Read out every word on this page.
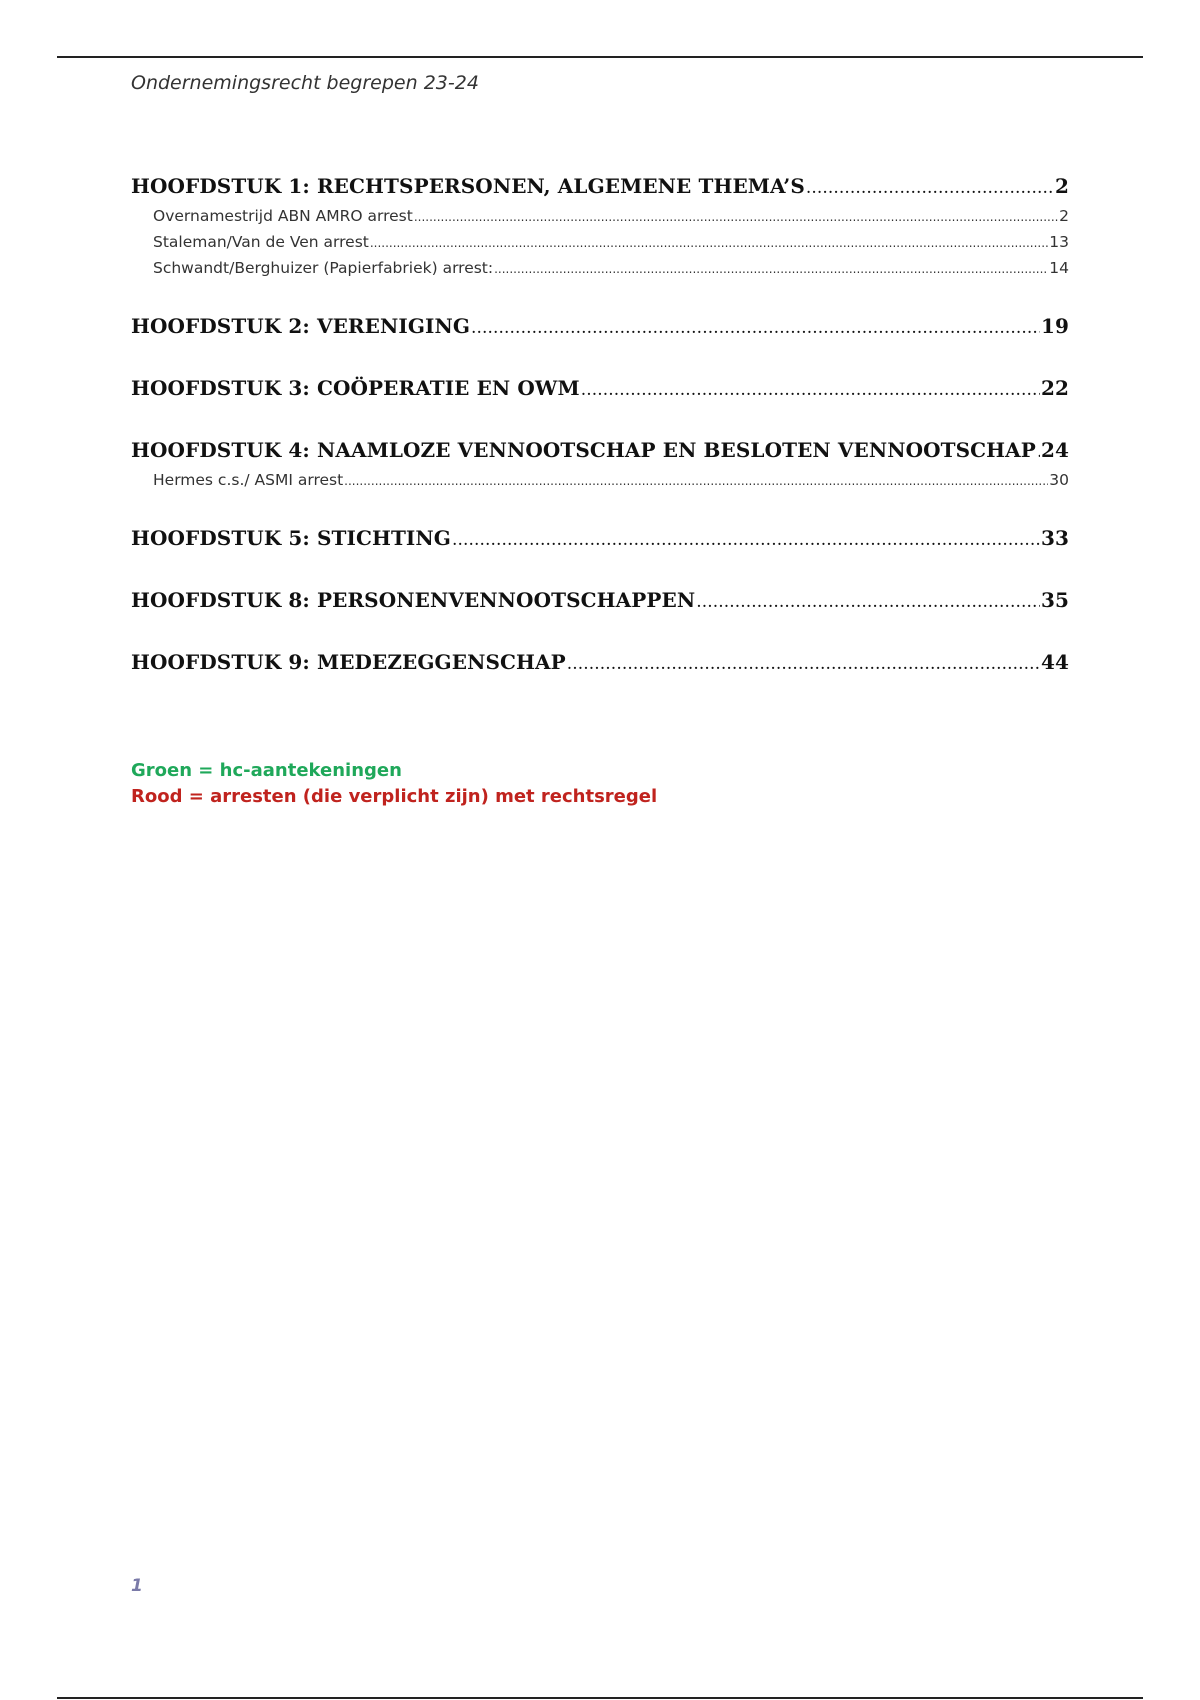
Ondernemingsrecht begrepen 23-24
HOOFDSTUK 1: RECHTSPERSONEN, ALGEMENE THEMA’S .....	2
Overnamestrijd ABN AMRO arrest .....	2
Staleman/Van de Ven arrest .....	13
Schwandt/Berghuizer (Papierfabriek) arrest: .....	14
HOOFDSTUK 2: VERENIGING .....	19
HOOFDSTUK 3: COÖPERATIE EN OWM .....	22
HOOFDSTUK 4: NAAMLOZE VENNOOTSCHAP EN BESLOTEN VENNOOTSCHAP ..... 24
Hermes c.s./ ASMI arrest .....	30
HOOFDSTUK 5: STICHTING .....	33
HOOFDSTUK 8: PERSONENVENNOOTSCHAPPEN .....	35
HOOFDSTUK 9: MEDEZEGGENSCHAP .....	44
Groen = hc-aantekeningen
Rood = arresten (die verplicht zijn) met rechtsregel
1
